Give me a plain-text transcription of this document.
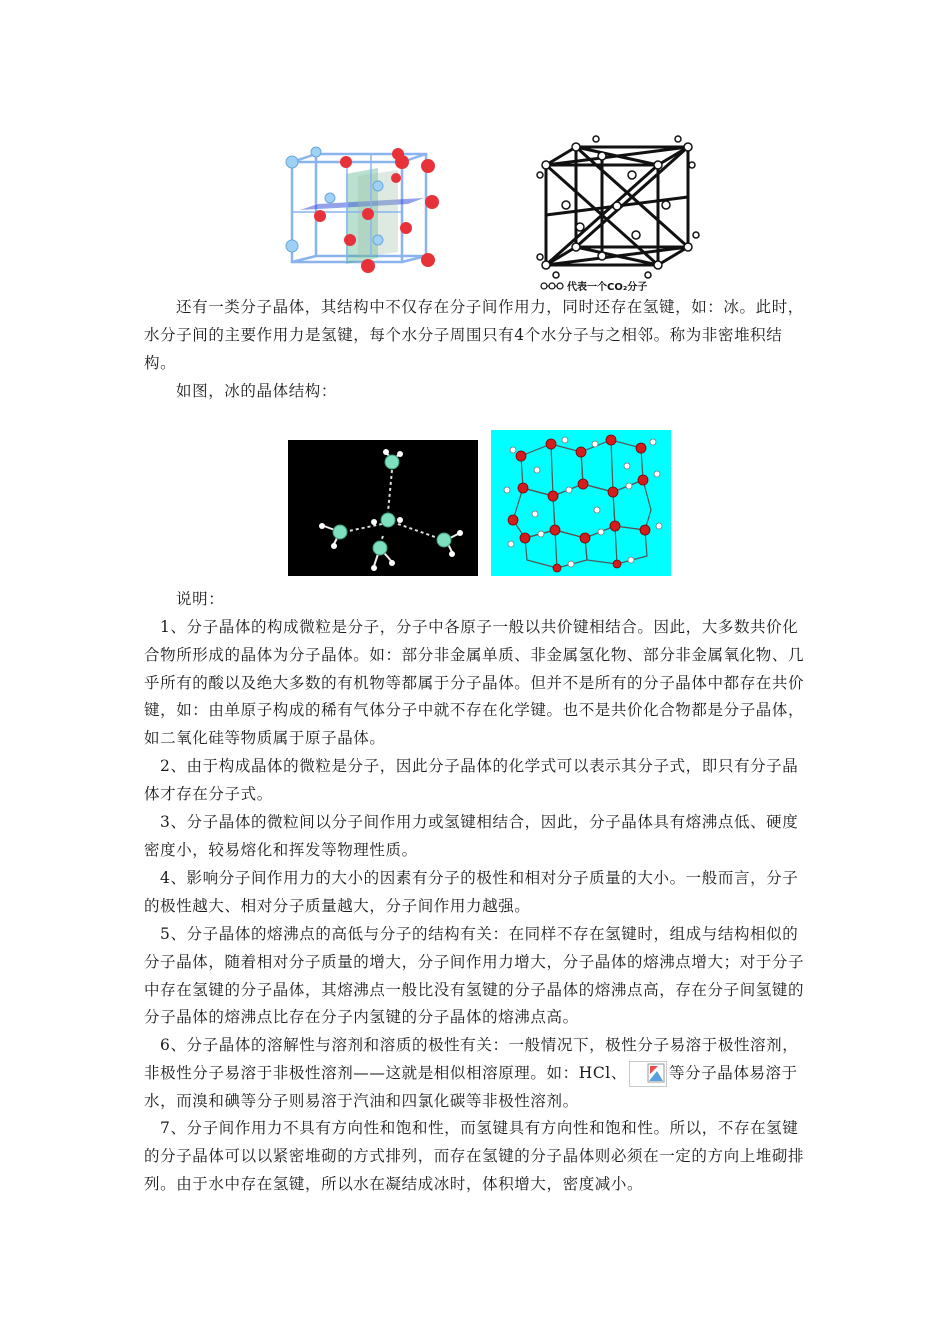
代表一个CO₂分子

还有一类分子晶体，其结构中不仅存在分子间作用力，同时还存在氢键，如：冰。此时，水分子间的主要作用力是氢键，每个水分子周围只有4个水分子与之相邻。称为非密堆积结构。

如图，冰的晶体结构：

说明：

1、分子晶体的构成微粒是分子，分子中各原子一般以共价键相结合。因此，大多数共价化合物所形成的晶体为分子晶体。如：部分非金属单质、非金属氢化物、部分非金属氧化物、几乎所有的酸以及绝大多数的有机物等都属于分子晶体。但并不是所有的分子晶体中都存在共价键，如：由单原子构成的稀有气体分子中就不存在化学键。也不是共价化合物都是分子晶体，如二氧化硅等物质属于原子晶体。

2、由于构成晶体的微粒是分子，因此分子晶体的化学式可以表示其分子式，即只有分子晶体才存在分子式。

3、分子晶体的微粒间以分子间作用力或氢键相结合，因此，分子晶体具有熔沸点低、硬度密度小，较易熔化和挥发等物理性质。

4、影响分子间作用力的大小的因素有分子的极性和相对分子质量的大小。一般而言，分子的极性越大、相对分子质量越大，分子间作用力越强。

5、分子晶体的熔沸点的高低与分子的结构有关：在同样不存在氢键时，组成与结构相似的分子晶体，随着相对分子质量的增大，分子间作用力增大，分子晶体的熔沸点增大；对于分子中存在氢键的分子晶体，其熔沸点一般比没有氢键的分子晶体的熔沸点高，存在分子间氢键的分子晶体的熔沸点比存在分子内氢键的分子晶体的熔沸点高。

6、分子晶体的溶解性与溶剂和溶质的极性有关：一般情况下，极性分子易溶于极性溶剂，非极性分子易溶于非极性溶剂——这就是相似相溶原理。如：HCl、	等分子晶体易溶于水，而溴和碘等分子则易溶于汽油和四氯化碳等非极性溶剂。

7、分子间作用力不具有方向性和饱和性，而氢键具有方向性和饱和性。所以，不存在氢键的分子晶体可以以紧密堆砌的方式排列，而存在氢键的分子晶体则必须在一定的方向上堆砌排列。由于水中存在氢键，所以水在凝结成冰时，体积增大，密度减小。
